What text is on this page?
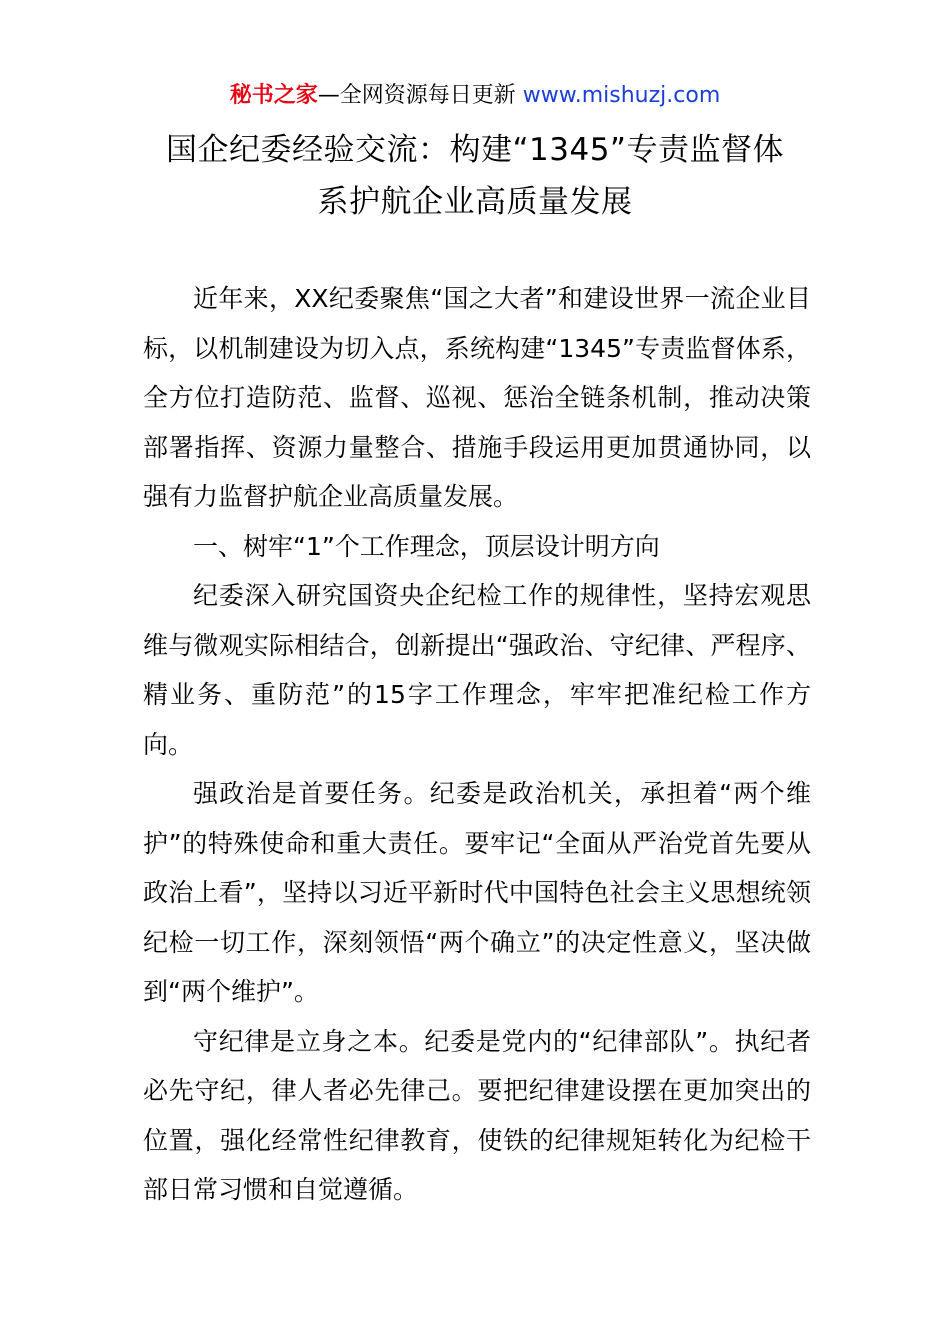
秘书之家—全网资源每日更新 www.mishuzj.com
国企纪委经验交流：构建“1345”专责监督体
系护航企业高质量发展

近年来，XX纪委聚焦“国之大者”和建设世界一流企业目标，以机制建设为切入点，系统构建“1345”专责监督体系，全方位打造防范、监督、巡视、惩治全链条机制，推动决策部署指挥、资源力量整合、措施手段运用更加贯通协同，以强有力监督护航企业高质量发展。

一、树牢“1”个工作理念，顶层设计明方向

纪委深入研究国资央企纪检工作的规律性，坚持宏观思维与微观实际相结合，创新提出“强政治、守纪律、严程序、精业务、重防范”的15字工作理念，牢牢把准纪检工作方向。

强政治是首要任务。纪委是政治机关，承担着“两个维护”的特殊使命和重大责任。要牢记“全面从严治党首先要从政治上看”，坚持以习近平新时代中国特色社会主义思想统领纪检一切工作，深刻领悟“两个确立”的决定性意义，坚决做到“两个维护”。

守纪律是立身之本。纪委是党内的“纪律部队”。执纪者必先守纪，律人者必先律己。要把纪律建设摆在更加突出的位置，强化经常性纪律教育，使铁的纪律规矩转化为纪检干部日常习惯和自觉遵循。
